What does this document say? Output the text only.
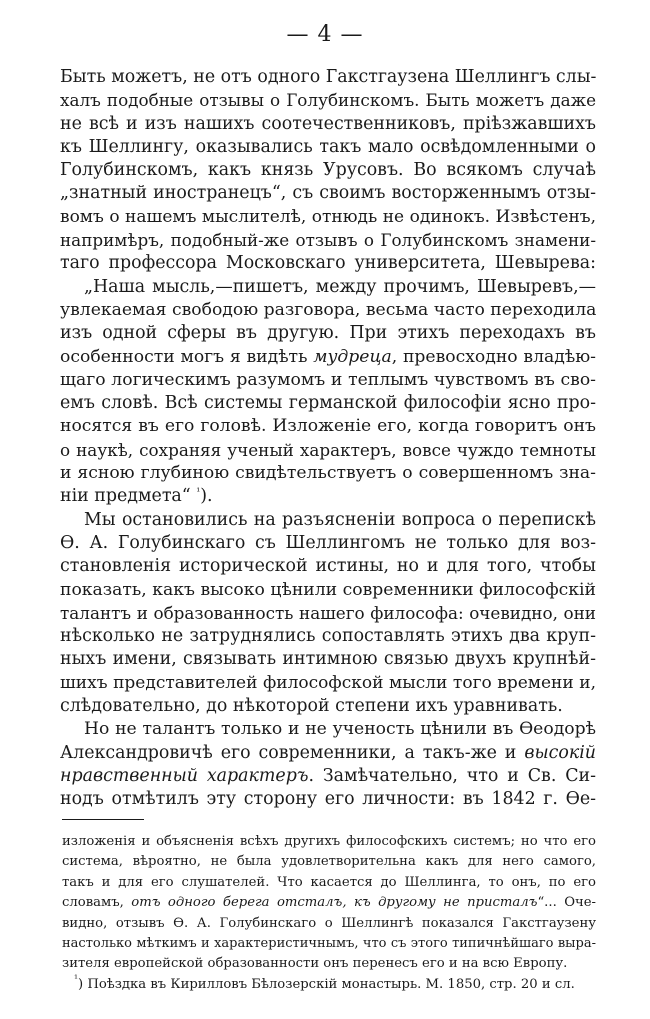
— 4 —
Быть можетъ, не отъ одного Гакстгаузена Шеллингъ слы-
халъ подобные отзывы о Голубинскомъ. Быть можетъ даже
не всѣ и изъ нашихъ соотечественниковъ, пріѣзжавшихъ
къ Шеллингу, оказывались такъ мало освѣдомленными о
Голубинскомъ, какъ князь Урусовъ. Во всякомъ случаѣ
„знатный иностранецъ“, съ своимъ восторженнымъ отзы-
вомъ о нашемъ мыслителѣ, отнюдь не одинокъ. Извѣстенъ,
напримѣръ, подобный-же отзывъ о Голубинскомъ знамени-
таго профессора Московскаго университета, Шевырева:
„Наша мысль,—пишетъ, между прочимъ, Шевыревъ,—
увлекаемая свободою разговора, весьма часто переходила
изъ одной сферы въ другую. При этихъ переходахъ въ
особенности могъ я видѣть мудреца, превосходно владѣю-
щаго логическимъ разумомъ и теплымъ чувствомъ въ сво-
емъ словѣ. Всѣ системы германской философіи ясно про-
носятся въ его головѣ. Изложеніе его, когда говоритъ онъ
о наукѣ, сохраняя ученый характеръ, вовсе чуждо темноты
и ясною глубиною свидѣтельствуетъ о совершенномъ зна-
ніи предмета“ $^{^1}$).
Мы остановились на разъясненіи вопроса о перепискѣ
Ѳ. А. Голубинскаго съ Шеллингомъ не только для воз-
становленія исторической истины, но и для того, чтобы
показать, какъ высоко цѣнили современники философскій
талантъ и образованность нашего философа: очевидно, они
нѣсколько не затруднялись сопоставлять этихъ два круп-
ныхъ имени, связывать интимною связью двухъ крупнѣй-
шихъ представителей философской мысли того времени и,
слѣдовательно, до нѣкоторой степени ихъ уравнивать.
Но не талантъ только и не ученость цѣнили въ Ѳеодорѣ
Александровичѣ его современники, а такъ-же и высокій
нравственный характеръ. Замѣчательно, что и Св. Си-
нодъ отмѣтилъ эту сторону его личности: въ 1842 г. Ѳе-
изложенія и объясненія всѣхъ другихъ философскихъ системъ; но что его
система, вѣроятно, не была удовлетворительна какъ для него самого,
такъ и для его слушателей. Что касается до Шеллинга, то онъ, по его
словамъ, отъ одного берега отсталъ, къ другому не присталъ“... Оче-
видно, отзывъ Ѳ. А. Голубинскаго о Шеллингѣ показался Гакстгаузену
настолько мѣткимъ и характеристичнымъ, что съ этого типичнѣйшаго выра-
зителя европейской образованности онъ перенесъ его и на всю Европу.
$^{^1}$) Поѣздка въ Кирилловъ Бѣлозерскій монастырь. М. 1850, стр. 20 и сл.
